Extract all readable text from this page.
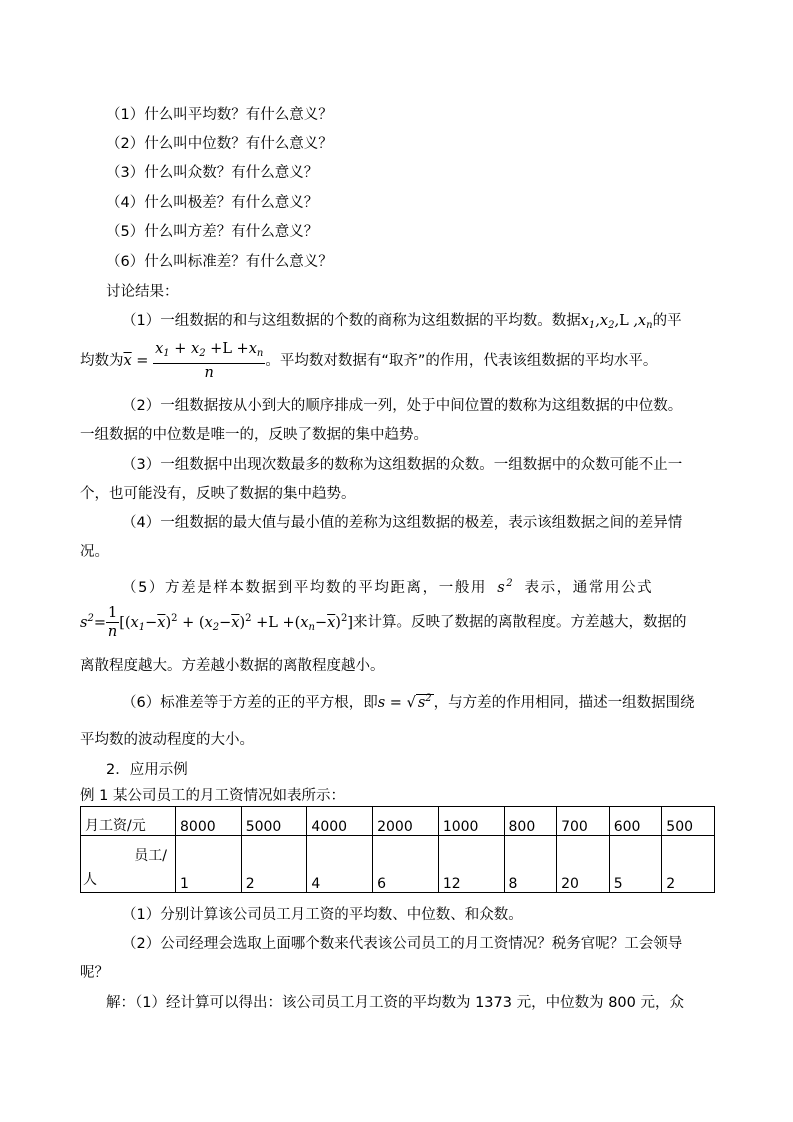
（1）什么叫平均数？有什么意义？
（2）什么叫中位数？有什么意义？
（3）什么叫众数？有什么意义？
（4）什么叫极差？有什么意义？
（5）什么叫方差？有什么意义？
（6）什么叫标准差？有什么意义？
讨论结果：
（1）一组数据的和与这组数据的个数的商称为这组数据的平均数。数据$x_1,x_2,L$ $,x_n$的平
均数为$\overline{x} = \frac{x_1 + x_2 +L +x_n}{n}$ 。平均数对数据有“取齐”的作用，代表该组数据的平均水平。
（2）一组数据按从小到大的顺序排成一列，处于中间位置的数称为这组数据的中位数。
一组数据的中位数是唯一的，反映了数据的集中趋势。
（3）一组数据中出现次数最多的数称为这组数据的众数。一组数据中的众数可能不止一
个，也可能没有，反映了数据的集中趋势。
（4）一组数据的最大值与最小值的差称为这组数据的极差，表示该组数据之间的差异情
况。
（5）方差是样本数据到平均数的平均距离，一般用 $s^2$ 表示，通常用公式
$s^2= \frac{1}{n} [(x_1-\overline{x})^2 + (x_2-\overline{x})^2 +L +(x_n-\overline{x})^2]$来计算。反映了数据的离散程度。方差越大，数据的
离散程度越大。方差越小数据的离散程度越小。
（6）标准差等于方差的正的平方根，即s = √ $s^2$ ，与方差的作用相同，描述一组数据围绕
平均数的波动程度的大小。
2．应用示例
例 1 某公司员工的月工资情况如表所示：
月工资/元	8000	5000	4000	2000	1000	800	700	600	500

员工/
人	1	2	4	6	12	8	20	5	2
（1）分别计算该公司员工月工资的平均数、中位数、和众数。
（2）公司经理会选取上面哪个数来代表该公司员工的月工资情况？税务官呢？工会领导
呢？
解：（1）经计算可以得出：该公司员工月工资的平均数为 1373 元，中位数为 800 元，众
